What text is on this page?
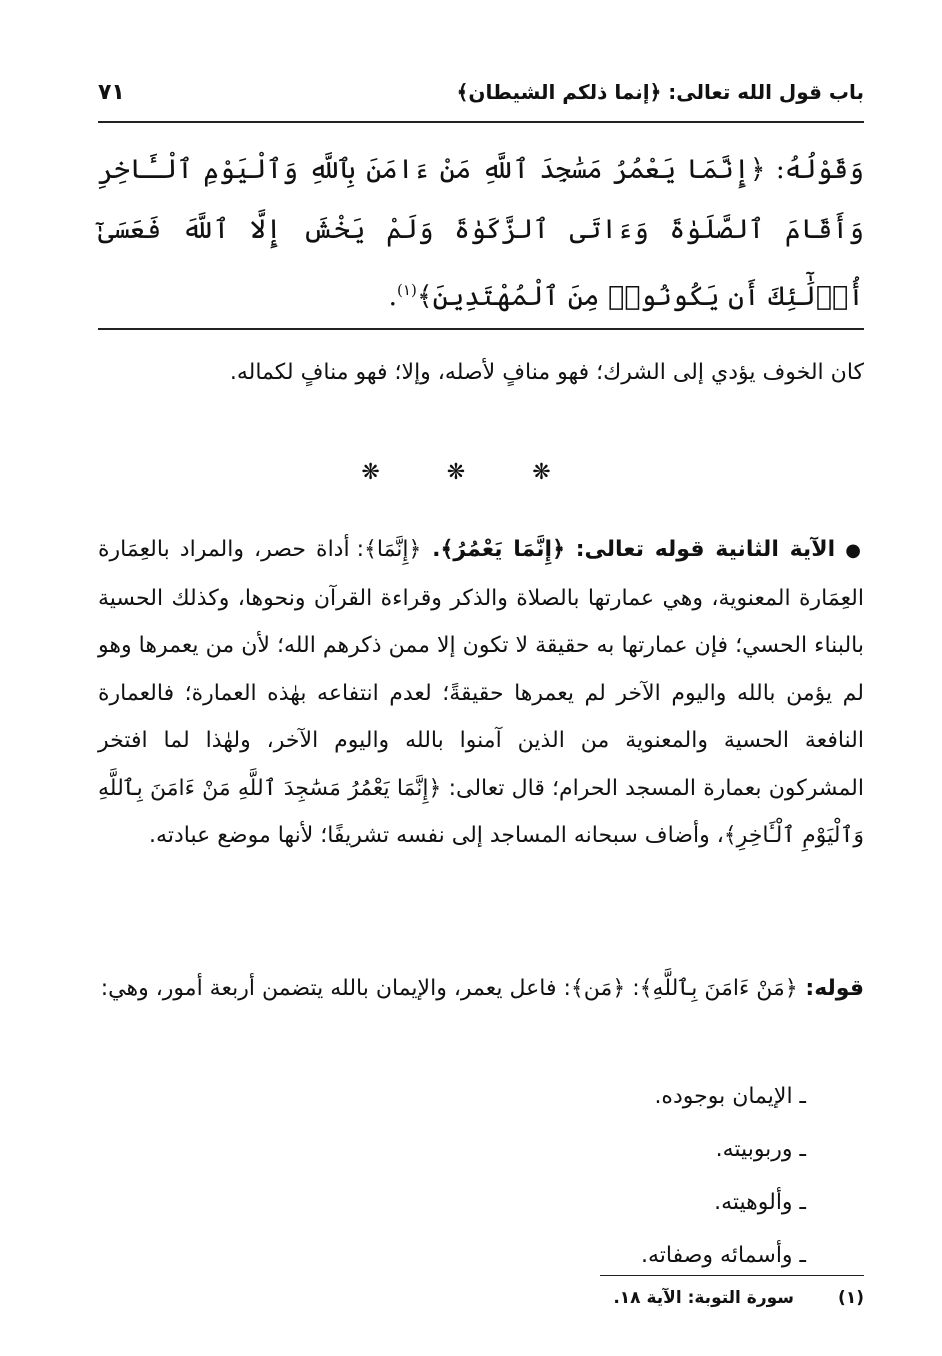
باب قول الله تعالى: ﴿إنما ذلكم الشيطان﴾
٧١
وَقَوْلُهُ: ﴿إِنَّمَا يَعْمُرُ مَسَٰجِدَ ٱللَّهِ مَنْ ءَامَنَ بِٱللَّهِ وَٱلْيَوْمِ ٱلْـَٔاخِرِ وَأَقَامَ ٱلصَّلَوٰةَ وَءَاتَى ٱلزَّكَوٰةَ وَلَمْ يَخْشَ إِلَّا ٱللَّهَ فَعَسَىٰٓ أُو۟لَٰٓئِكَ أَن يَكُونُوا۟ مِنَ ٱلْمُهْتَدِينَ﴾$^{(١)}$.
كان الخوف يؤدي إلى الشرك؛ فهو منافٍ لأصله، وإلا؛ فهو منافٍ لكماله.
❋ ❋ ❋
● الآية الثانية قوله تعالى: ﴿إِنَّمَا يَعْمُرُ﴾. ﴿إِنَّمَا﴾: أداة حصر، والمراد بالعِمَارة العِمَارة المعنوية، وهي عمارتها بالصلاة والذكر وقراءة القرآن ونحوها، وكذلك الحسية بالبناء الحسي؛ فإن عمارتها به حقيقة لا تكون إلا ممن ذكرهم الله؛ لأن من يعمرها وهو لم يؤمن بالله واليوم الآخر لم يعمرها حقيقةً؛ لعدم انتفاعه بهٰذه العمارة؛ فالعمارة النافعة الحسية والمعنوية من الذين آمنوا بالله واليوم الآخر، ولهٰذا لما افتخر المشركون بعمارة المسجد الحرام؛ قال تعالى: ﴿إِنَّمَا يَعْمُرُ مَسَٰجِدَ ٱللَّهِ مَنْ ءَامَنَ بِٱللَّهِ وَٱلْيَوْمِ ٱلْـَٔاخِرِ﴾، وأضاف سبحانه المساجد إلى نفسه تشريفًا؛ لأنها موضع عبادته.
قوله: ﴿مَنْ ءَامَنَ بِٱللَّهِ﴾: ﴿مَن﴾: فاعل يعمر، والإيمان بالله يتضمن أربعة أمور، وهي:
ـ الإيمان بوجوده.
ـ وربوبيته.
ـ وألوهيته.
ـ وأسمائه وصفاته.
(١)سورة التوبة: الآية ١٨.
